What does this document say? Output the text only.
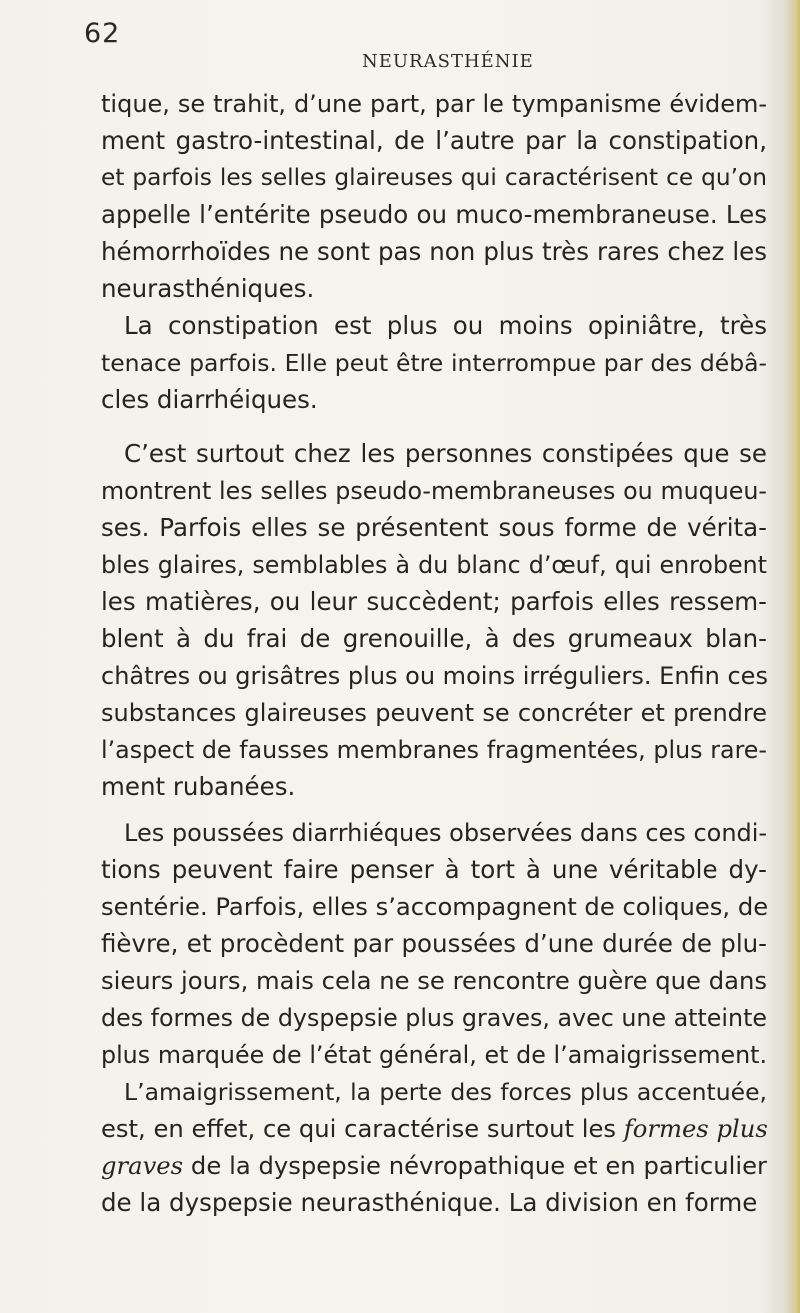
62
NEURASTHÉNIE
tique, se trahit, d’une part, par le tympanisme évidem-
ment gastro-intestinal, de l’autre par la constipation,
et parfois les selles glaireuses qui caractérisent ce qu’on
appelle l’entérite pseudo ou muco-membraneuse. Les
hémorrhoïdes ne sont pas non plus très rares chez les
neurasthéniques.
La constipation est plus ou moins opiniâtre, très
tenace parfois. Elle peut être interrompue par des débâ-
cles diarrhéiques.
C’est surtout chez les personnes constipées que se
montrent les selles pseudo-membraneuses ou muqueu-
ses. Parfois elles se présentent sous forme de vérita-
bles glaires, semblables à du blanc d’œuf, qui enrobent
les matières, ou leur succèdent; parfois elles ressem-
blent à du frai de grenouille, à des grumeaux blan-
châtres ou grisâtres plus ou moins irréguliers. Enfin ces
substances glaireuses peuvent se concréter et prendre
l’aspect de fausses membranes fragmentées, plus rare-
ment rubanées.
Les poussées diarrhiéques observées dans ces condi-
tions peuvent faire penser à tort à une véritable dy-
sentérie. Parfois, elles s’accompagnent de coliques, de
fièvre, et procèdent par poussées d’une durée de plu-
sieurs jours, mais cela ne se rencontre guère que dans
des formes de dyspepsie plus graves, avec une atteinte
plus marquée de l’état général, et de l’amaigrissement.
L’amaigrissement, la perte des forces plus accentuée,
est, en effet, ce qui caractérise surtout les formes plus
graves de la dyspepsie névropathique et en particulier
de la dyspepsie neurasthénique. La division en forme
